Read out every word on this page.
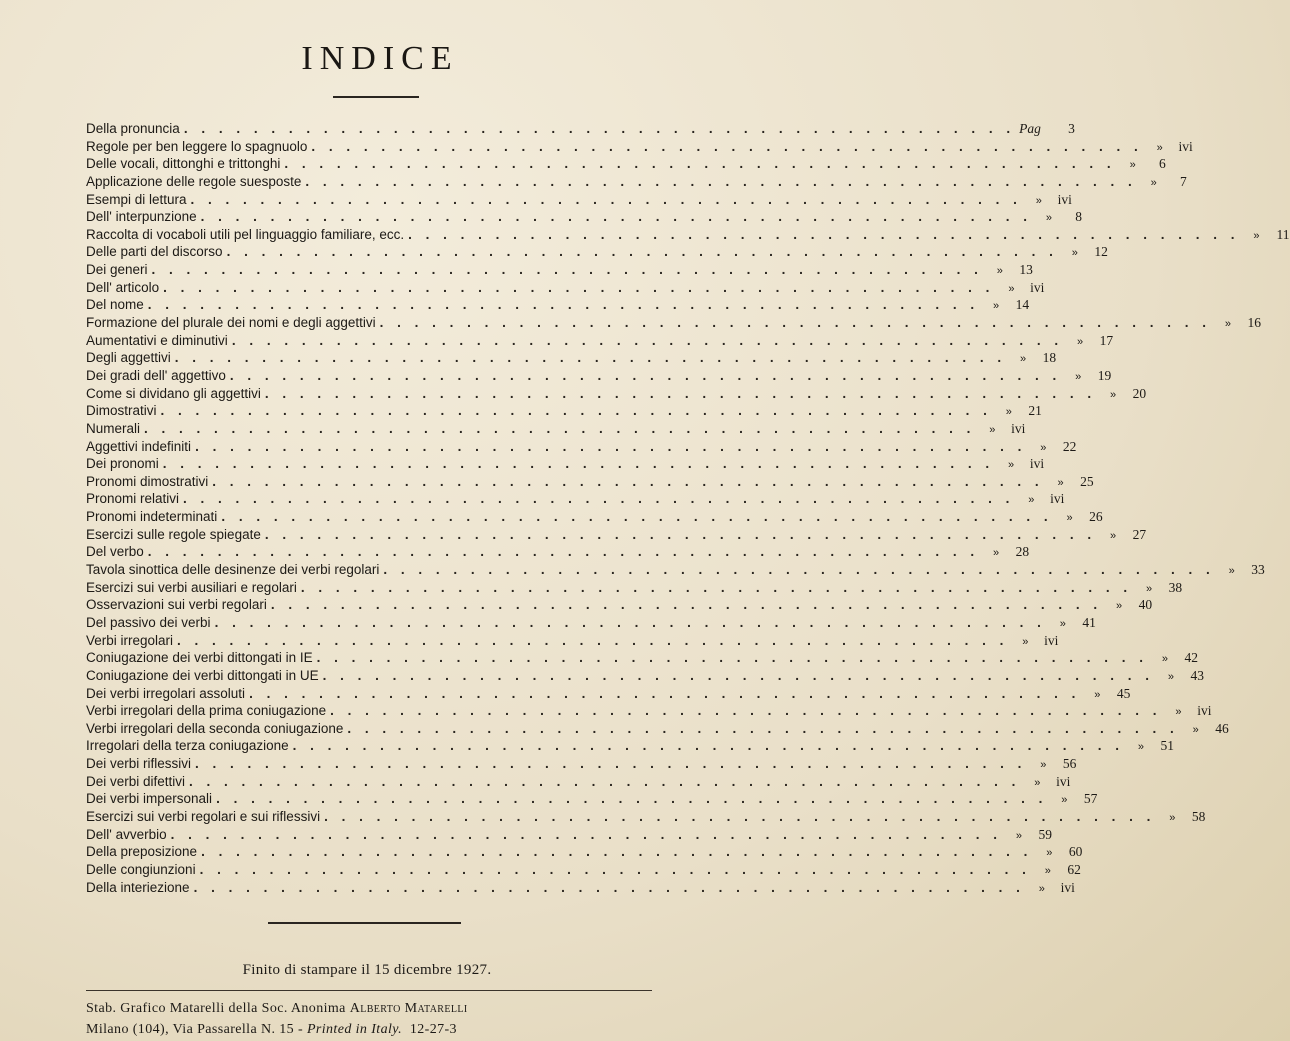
INDICE
Della pronuncia . . . . . . . . . . . . . . . . . . . . . . . . . . . . . . . . . . . . . . . . . . . . . . . . Pag	3
Regole per ben leggere lo spagnuolo . . . . . . . . . . . . . . . . . . . . . . . . . . . . . . . . . . . . . . . . . . . . . . . .	»	ivi
Delle vocali, dittonghi e trittonghi . . . . . . . . . . . . . . . . . . . . . . . . . . . . . . . . . . . . . . . . . . . . . . . .	»	6
Applicazione delle regole suesposte . . . . . . . . . . . . . . . . . . . . . . . . . . . . . . . . . . . . . . . . . . . . . . . .	»	7
Esempi di lettura . . . . . . . . . . . . . . . . . . . . . . . . . . . . . . . . . . . . . . . . . . . . . . . .	»	ivi
Dell' interpunzione . . . . . . . . . . . . . . . . . . . . . . . . . . . . . . . . . . . . . . . . . . . . . . . .	»	8
Raccolta di vocaboli utili pel linguaggio familiare, ecc. . . . . . . . . . . . . . . . . . . . . . . . . . . . . . . . . . . . . . . . . . . . . . . . .	»	11
Delle parti del discorso . . . . . . . . . . . . . . . . . . . . . . . . . . . . . . . . . . . . . . . . . . . . . . . .	»	12
Dei generi . . . . . . . . . . . . . . . . . . . . . . . . . . . . . . . . . . . . . . . . . . . . . . . .	»	13
Dell' articolo . . . . . . . . . . . . . . . . . . . . . . . . . . . . . . . . . . . . . . . . . . . . . . . .	»	ivi
Del nome . . . . . . . . . . . . . . . . . . . . . . . . . . . . . . . . . . . . . . . . . . . . . . . .	»	14
Formazione del plurale dei nomi e degli aggettivi . . . . . . . . . . . . . . . . . . . . . . . . . . . . . . . . . . . . . . . . . . . . . . . .	»	16
Aumentativi e diminutivi . . . . . . . . . . . . . . . . . . . . . . . . . . . . . . . . . . . . . . . . . . . . . . . .	»	17
Degli aggettivi . . . . . . . . . . . . . . . . . . . . . . . . . . . . . . . . . . . . . . . . . . . . . . . .	»	18
Dei gradi dell' aggettivo . . . . . . . . . . . . . . . . . . . . . . . . . . . . . . . . . . . . . . . . . . . . . . . .	»	19
Come si dividano gli aggettivi . . . . . . . . . . . . . . . . . . . . . . . . . . . . . . . . . . . . . . . . . . . . . . . .	»	20
Dimostrativi . . . . . . . . . . . . . . . . . . . . . . . . . . . . . . . . . . . . . . . . . . . . . . . .	»	21
Numerali . . . . . . . . . . . . . . . . . . . . . . . . . . . . . . . . . . . . . . . . . . . . . . . .	»	ivi
Aggettivi indefiniti . . . . . . . . . . . . . . . . . . . . . . . . . . . . . . . . . . . . . . . . . . . . . . . .	»	22
Dei pronomi . . . . . . . . . . . . . . . . . . . . . . . . . . . . . . . . . . . . . . . . . . . . . . . .	»	ivi
Pronomi dimostrativi . . . . . . . . . . . . . . . . . . . . . . . . . . . . . . . . . . . . . . . . . . . . . . . .	»	25
Pronomi relativi . . . . . . . . . . . . . . . . . . . . . . . . . . . . . . . . . . . . . . . . . . . . . . . .	»	ivi
Pronomi indeterminati . . . . . . . . . . . . . . . . . . . . . . . . . . . . . . . . . . . . . . . . . . . . . . . .	»	26
Esercizi sulle regole spiegate . . . . . . . . . . . . . . . . . . . . . . . . . . . . . . . . . . . . . . . . . . . . . . . .	»	27
Del verbo . . . . . . . . . . . . . . . . . . . . . . . . . . . . . . . . . . . . . . . . . . . . . . . .	»	28
Tavola sinottica delle desinenze dei verbi regolari . . . . . . . . . . . . . . . . . . . . . . . . . . . . . . . . . . . . . . . . . . . . . . . .	»	33
Esercizi sui verbi ausiliari e regolari . . . . . . . . . . . . . . . . . . . . . . . . . . . . . . . . . . . . . . . . . . . . . . . .	»	38
Osservazioni sui verbi regolari . . . . . . . . . . . . . . . . . . . . . . . . . . . . . . . . . . . . . . . . . . . . . . . .	»	40
Del passivo dei verbi . . . . . . . . . . . . . . . . . . . . . . . . . . . . . . . . . . . . . . . . . . . . . . . .	»	41
Verbi irregolari . . . . . . . . . . . . . . . . . . . . . . . . . . . . . . . . . . . . . . . . . . . . . . . .	»	ivi
Coniugazione dei verbi dittongati in IE . . . . . . . . . . . . . . . . . . . . . . . . . . . . . . . . . . . . . . . . . . . . . . . .	»	42
Coniugazione dei verbi dittongati in UE . . . . . . . . . . . . . . . . . . . . . . . . . . . . . . . . . . . . . . . . . . . . . . . .	»	43
Dei verbi irregolari assoluti . . . . . . . . . . . . . . . . . . . . . . . . . . . . . . . . . . . . . . . . . . . . . . . .	»	45
Verbi irregolari della prima coniugazione . . . . . . . . . . . . . . . . . . . . . . . . . . . . . . . . . . . . . . . . . . . . . . . .	»	ivi
Verbi irregolari della seconda coniugazione . . . . . . . . . . . . . . . . . . . . . . . . . . . . . . . . . . . . . . . . . . . . . . . .	»	46
Irregolari della terza coniugazione . . . . . . . . . . . . . . . . . . . . . . . . . . . . . . . . . . . . . . . . . . . . . . . .	»	51
Dei verbi riflessivi . . . . . . . . . . . . . . . . . . . . . . . . . . . . . . . . . . . . . . . . . . . . . . . .	»	56
Dei verbi difettivi . . . . . . . . . . . . . . . . . . . . . . . . . . . . . . . . . . . . . . . . . . . . . . . .	»	ivi
Dei verbi impersonali . . . . . . . . . . . . . . . . . . . . . . . . . . . . . . . . . . . . . . . . . . . . . . . .	»	57
Esercizi sui verbi regolari e sui riflessivi . . . . . . . . . . . . . . . . . . . . . . . . . . . . . . . . . . . . . . . . . . . . . . . .	»	58
Dell' avverbio . . . . . . . . . . . . . . . . . . . . . . . . . . . . . . . . . . . . . . . . . . . . . . . .	»	59
Della preposizione . . . . . . . . . . . . . . . . . . . . . . . . . . . . . . . . . . . . . . . . . . . . . . . .	»	60
Delle congiunzioni . . . . . . . . . . . . . . . . . . . . . . . . . . . . . . . . . . . . . . . . . . . . . . . .	»	62
Della interiezione . . . . . . . . . . . . . . . . . . . . . . . . . . . . . . . . . . . . . . . . . . . . . . . .	»	ivi
Finito di stampare il 15 dicembre 1927.
Stab. Grafico Matarelli della Soc. Anonima Alberto Matarelli
Milano (104), Via Passarella N. 15 - Printed in Italy. 12-27-3
